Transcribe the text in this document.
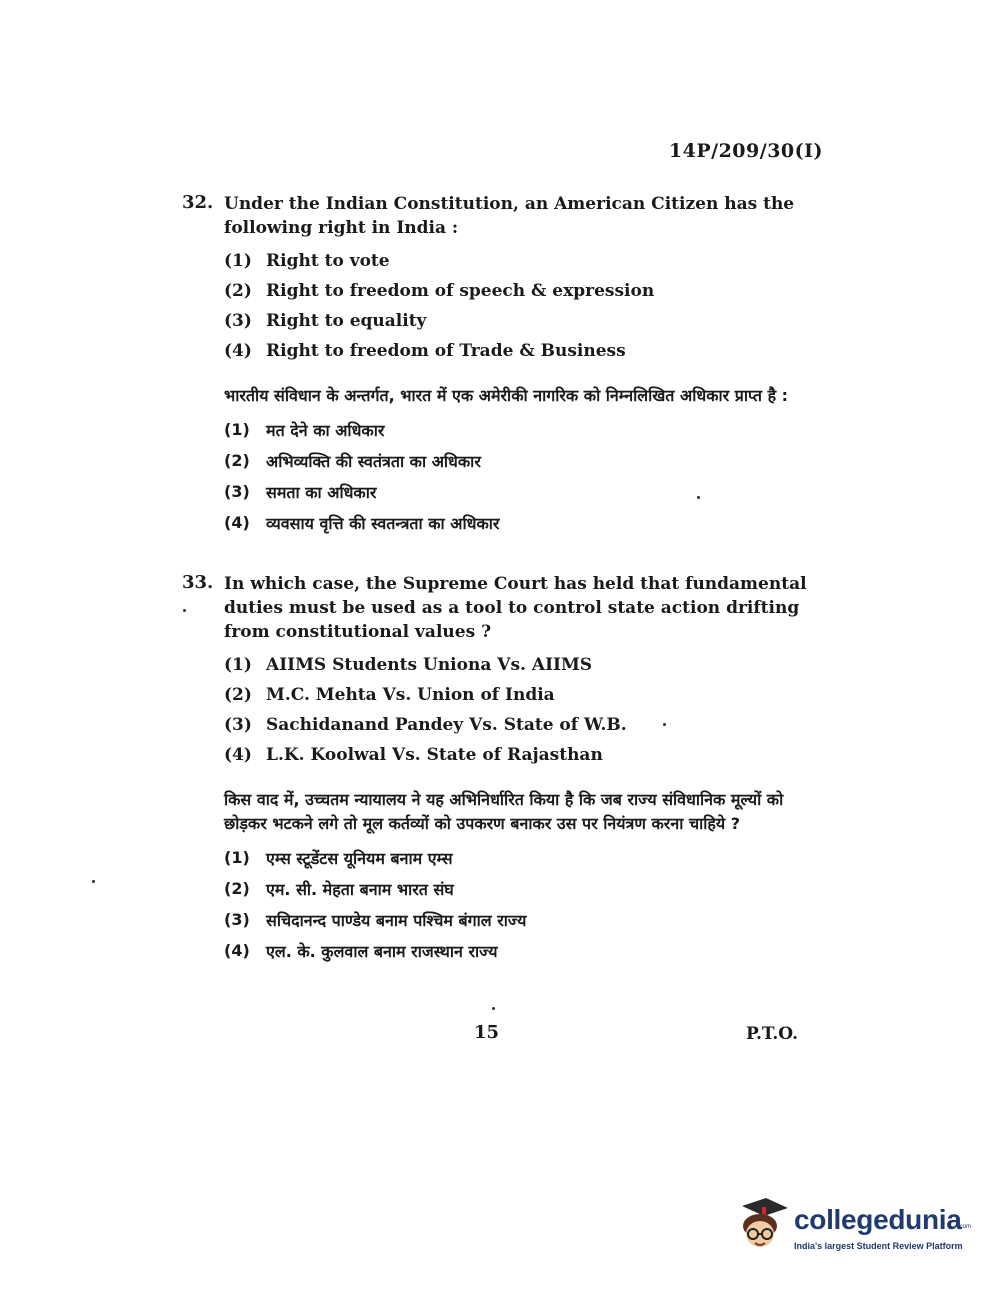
14P/209/30(I)
32. Under the Indian Constitution, an American Citizen has the following right in India :
(1) Right to vote
(2) Right to freedom of speech & expression
(3) Right to equality
(4) Right to freedom of Trade & Business
भारतीय संविधान के अन्तर्गत, भारत में एक अमेरीकी नागरिक को निम्नलिखित अधिकार प्राप्त है :
(1)	मत देने का अधिकार
(2)	अभिव्यक्ति की स्वतंत्रता का अधिकार
(3)	समता का अधिकार
(4)	व्यवसाय वृत्ति की स्वतन्त्रता का अधिकार
33. In which case, the Supreme Court has held that fundamental duties must be used as a tool to control state action drifting from constitutional values ?
(1) AIIMS Students Uniona Vs. AIIMS
(2) M.C. Mehta Vs. Union of India
(3) Sachidanand Pandey Vs. State of W.B.
(4) L.K. Koolwal Vs. State of Rajasthan
किस वाद में, उच्चतम न्यायालय ने यह अभिनिर्धारित किया है कि जब राज्य संविधानिक मूल्यों को छोड़कर भटकने लगे तो मूल कर्तव्यों को उपकरण बनाकर उस पर नियंत्रण करना चाहिये ?
(1)	एम्स स्टूडेंटस यूनियम बनाम एम्स
(2)	एम. सी. मेहता बनाम भारत संघ
(3)	सचिदानन्द पाण्डेय बनाम पश्चिम बंगाल राज्य
(4)	एल. के. कुलवाल बनाम राजस्थान राज्य
15	P.T.O.
collegedunia
.com
India's largest Student Review Platform
